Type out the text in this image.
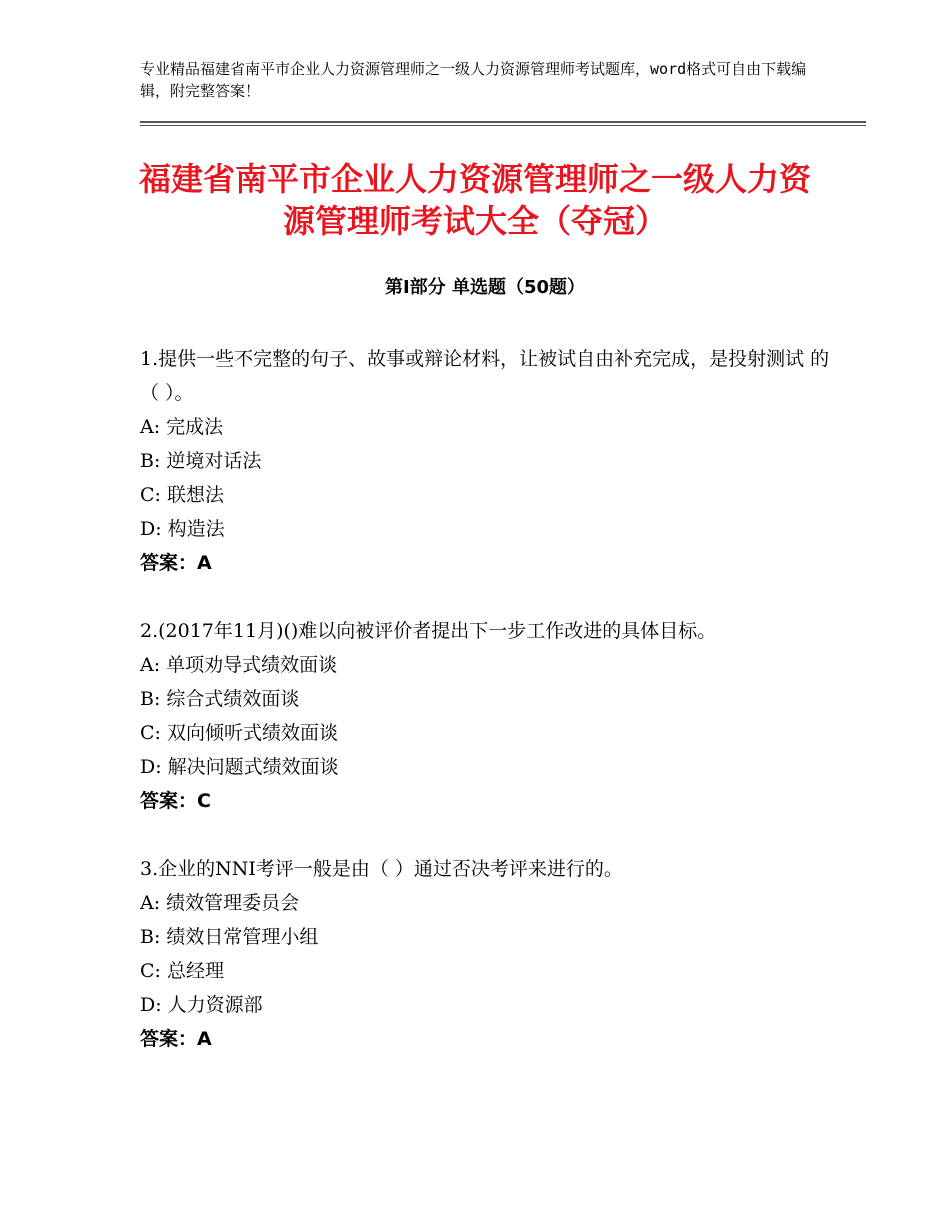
专业精品福建省南平市企业人力资源管理师之一级人力资源管理师考试题库，word格式可自由下载编辑，附完整答案！
福建省南平市企业人力资源管理师之一级人力资源管理师考试大全（夺冠）
第Ⅰ部分 单选题（50题）

1.提供一些不完整的句子、故事或辩论材料，让被试自由补充完成，是投射测试 的（ ）。

A: 完成法

B: 逆境对话法

C: 联想法

D: 构造法

答案：A

2.(2017年11月)()难以向被评价者提出下一步工作改进的具体目标。

A: 单项劝导式绩效面谈

B: 综合式绩效面谈

C: 双向倾听式绩效面谈

D: 解决问题式绩效面谈

答案：C

3.企业的NNI考评一般是由（ ）通过否决考评来进行的。

A: 绩效管理委员会

B: 绩效日常管理小组

C: 总经理

D: 人力资源部

答案：A
